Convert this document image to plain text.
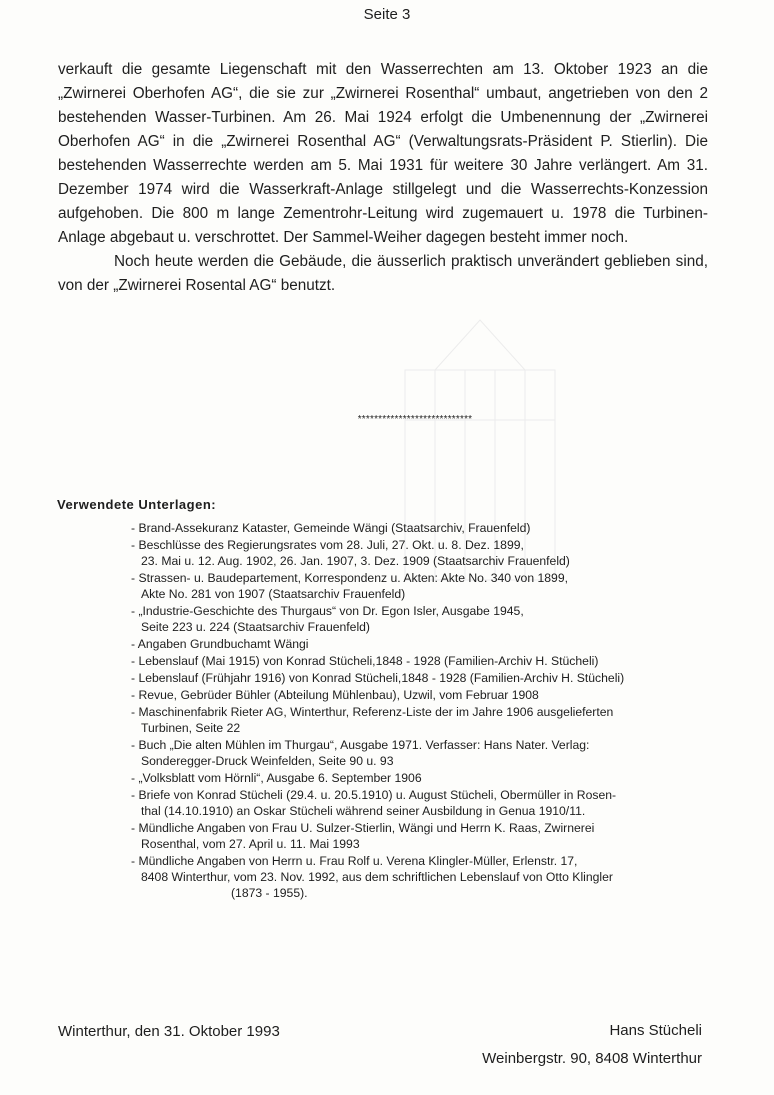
Seite 3

verkauft die gesamte Liegenschaft mit den Wasserrechten am 13. Oktober 1923 an die „Zwirnerei Oberhofen AG“, die sie zur „Zwirnerei Rosenthal“ umbaut, angetrieben von den 2 bestehenden Wasser-Turbinen. Am 26. Mai 1924 erfolgt die Umbenennung der „Zwirnerei Oberhofen AG“ in die „Zwirnerei Rosenthal AG“ (Verwaltungsrats-Präsident P. Stierlin). Die bestehenden Wasserrechte werden am 5. Mai 1931 für weitere 30 Jahre verlängert. Am 31. Dezember 1974 wird die Wasserkraft-Anlage stillgelegt und die Wasserrechts-Konzession aufgehoben. Die 800 m lange Zementrohr-Leitung wird zugemauert u. 1978 die Turbinen-Anlage abgebaut u. verschrottet. Der Sammel-Weiher dagegen besteht immer noch.

Noch heute werden die Gebäude, die äusserlich praktisch unverändert geblieben sind, von der „Zwirnerei Rosental AG“ benutzt.

****************************
Verwendete Unterlagen:
- Brand-Assekuranz Kataster, Gemeinde Wängi (Staatsarchiv, Frauenfeld)
- Beschlüsse des Regierungsrates vom 28. Juli, 27. Okt. u. 8. Dez. 1899,
23. Mai u. 12. Aug. 1902, 26. Jan. 1907, 3. Dez. 1909 (Staatsarchiv Frauenfeld)
- Strassen- u. Baudepartement, Korrespondenz u. Akten: Akte No. 340 von 1899,
Akte No. 281 von 1907 (Staatsarchiv Frauenfeld)
- „Industrie-Geschichte des Thurgaus“ von Dr. Egon Isler, Ausgabe 1945,
Seite 223 u. 224 (Staatsarchiv Frauenfeld)
- Angaben Grundbuchamt Wängi
- Lebenslauf (Mai 1915) von Konrad Stücheli,1848 - 1928 (Familien-Archiv H. Stücheli)
- Lebenslauf (Frühjahr 1916) von Konrad Stücheli,1848 - 1928 (Familien-Archiv H. Stücheli)
- Revue, Gebrüder Bühler (Abteilung Mühlenbau), Uzwil, vom Februar 1908
- Maschinenfabrik Rieter AG, Winterthur, Referenz-Liste der im Jahre 1906 ausgelieferten
Turbinen, Seite 22
- Buch „Die alten Mühlen im Thurgau“, Ausgabe 1971. Verfasser: Hans Nater. Verlag:
Sonderegger-Druck Weinfelden, Seite 90 u. 93
- „Volksblatt vom Hörnli“, Ausgabe 6. September 1906
- Briefe von Konrad Stücheli (29.4. u. 20.5.1910) u. August Stücheli, Obermüller in Rosen-
thal (14.10.1910) an Oskar Stücheli während seiner Ausbildung in Genua 1910/11.
- Mündliche Angaben von Frau U. Sulzer-Stierlin, Wängi und Herrn K. Raas, Zwirnerei
Rosenthal, vom 27. April u. 11. Mai 1993
- Mündliche Angaben von Herrn u. Frau Rolf u. Verena Klingler-Müller, Erlenstr. 17,
8408 Winterthur, vom 23. Nov. 1992, aus dem schriftlichen Lebenslauf von Otto Klingler
(1873 - 1955).
Winterthur, den 31. Oktober 1993	Hans Stücheli
Weinbergstr. 90, 8408 Winterthur
